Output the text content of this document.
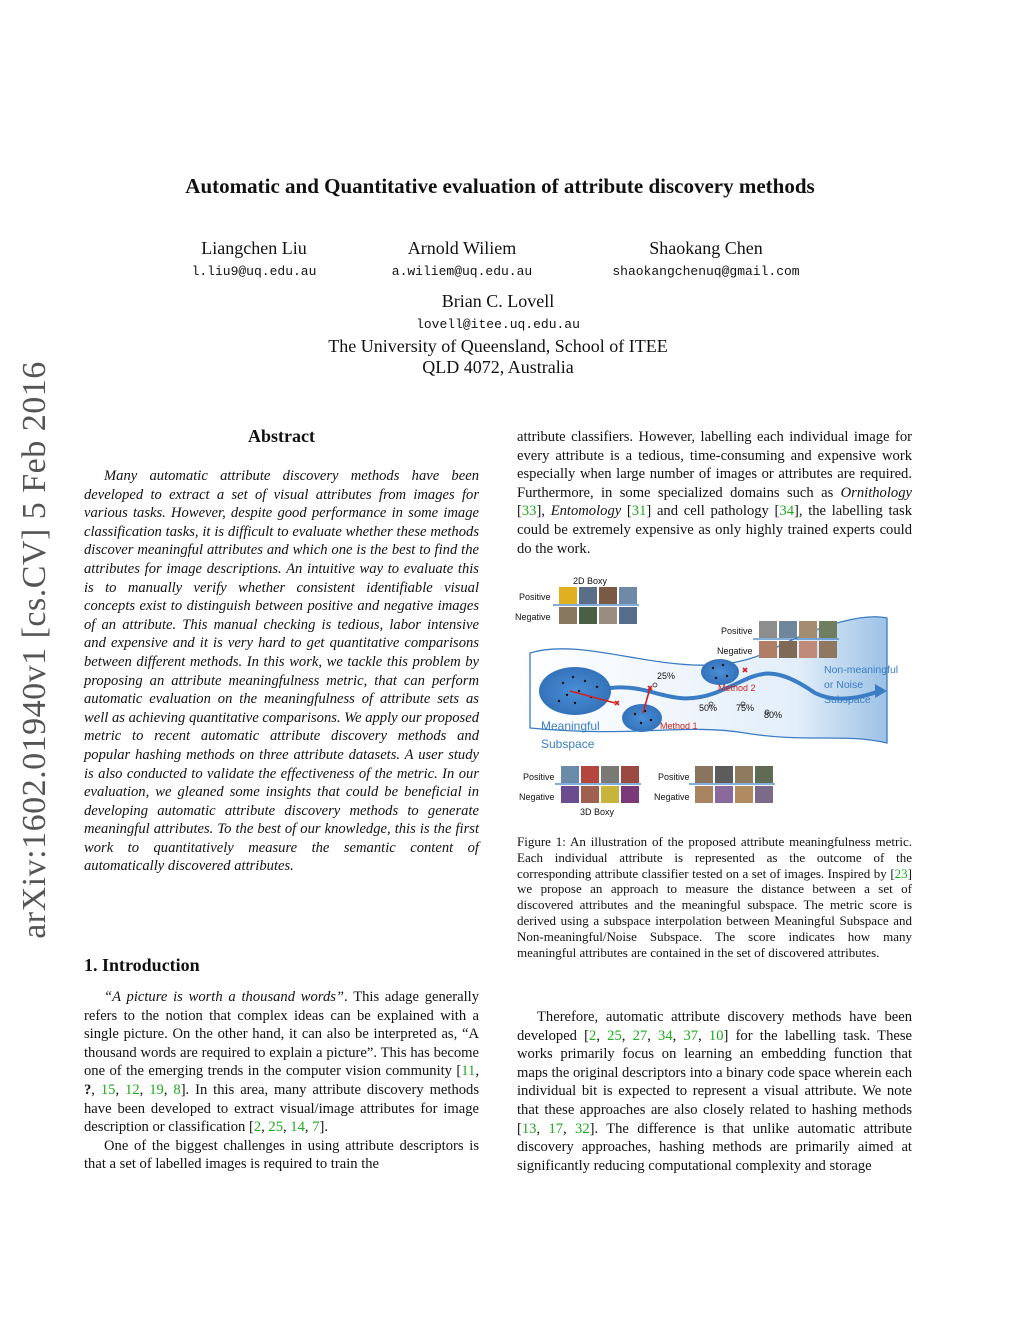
arXiv:1602.01940v1 [cs.CV] 5 Feb 2016
Automatic and Quantitative evaluation of attribute discovery methods
Liangchen Liu
l.liu9@uq.edu.au
Arnold Wiliem
a.wiliem@uq.edu.au
Shaokang Chen
shaokangchenuq@gmail.com
Brian C. Lovell
lovell@itee.uq.edu.au
The University of Queensland, School of ITEE
QLD 4072, Australia
Abstract
Many automatic attribute discovery methods have been developed to extract a set of visual attributes from images for various tasks. However, despite good performance in some image classification tasks, it is difficult to evaluate whether these methods discover meaningful attributes and which one is the best to find the attributes for image descriptions. An intuitive way to evaluate this is to manually verify whether consistent identifiable visual concepts exist to distinguish between positive and negative images of an attribute. This manual checking is tedious, labor intensive and expensive and it is very hard to get quantitative comparisons between different methods. In this work, we tackle this problem by proposing an attribute meaningfulness metric, that can perform automatic evaluation on the meaningfulness of attribute sets as well as achieving quantitative comparisons. We apply our proposed metric to recent automatic attribute discovery methods and popular hashing methods on three attribute datasets. A user study is also conducted to validate the effectiveness of the metric. In our evaluation, we gleaned some insights that could be beneficial in developing automatic attribute discovery methods to generate meaningful attributes. To the best of our knowledge, this is the first work to quantitatively measure the semantic content of automatically discovered attributes.
1. Introduction

“A picture is worth a thousand words”. This adage generally refers to the notion that complex ideas can be explained with a single picture. On the other hand, it can also be interpreted as, “A thousand words are required to explain a picture”. This has become one of the emerging trends in the computer vision community [11, ?, 15, 12, 19, 8]. In this area, many attribute discovery methods have been developed to extract visual/image attributes for image description or classification [2, 25, 14, 7].

One of the biggest challenges in using attribute descriptors is that a set of labelled images is required to train the

attribute classifiers. However, labelling each individual image for every attribute is a tedious, time-consuming and expensive work especially when large number of images or attributes are required. Furthermore, in some specialized domains such as Ornithology [33], Entomology [31] and cell pathology [34], the labelling task could be extremely expensive as only highly trained experts could do the work.
2D Boxy
Positive
Negative
Positive
Negative
Positive
Negative
Positive
Negative
3D Boxy
25%
50% 75%
80%
Method 1
Method 2
Meaningful
Subspace
Non-meaningful
or Noise
Subspace
Figure 1: An illustration of the proposed attribute meaningfulness metric. Each individual attribute is represented as the outcome of the corresponding attribute classifier tested on a set of images. Inspired by [23] we propose an approach to measure the distance between a set of discovered attributes and the meaningful subspace. The metric score is derived using a subspace interpolation between Meaningful Subspace and Non-meaningful/Noise Subspace. The score indicates how many meaningful attributes are contained in the set of discovered attributes.

Therefore, automatic attribute discovery methods have been developed [2, 25, 27, 34, 37, 10] for the labelling task. These works primarily focus on learning an embedding function that maps the original descriptors into a binary code space wherein each individual bit is expected to represent a visual attribute. We note that these approaches are also closely related to hashing methods [13, 17, 32]. The difference is that unlike automatic attribute discovery approaches, hashing methods are primarily aimed at significantly reducing computational complexity and storage
